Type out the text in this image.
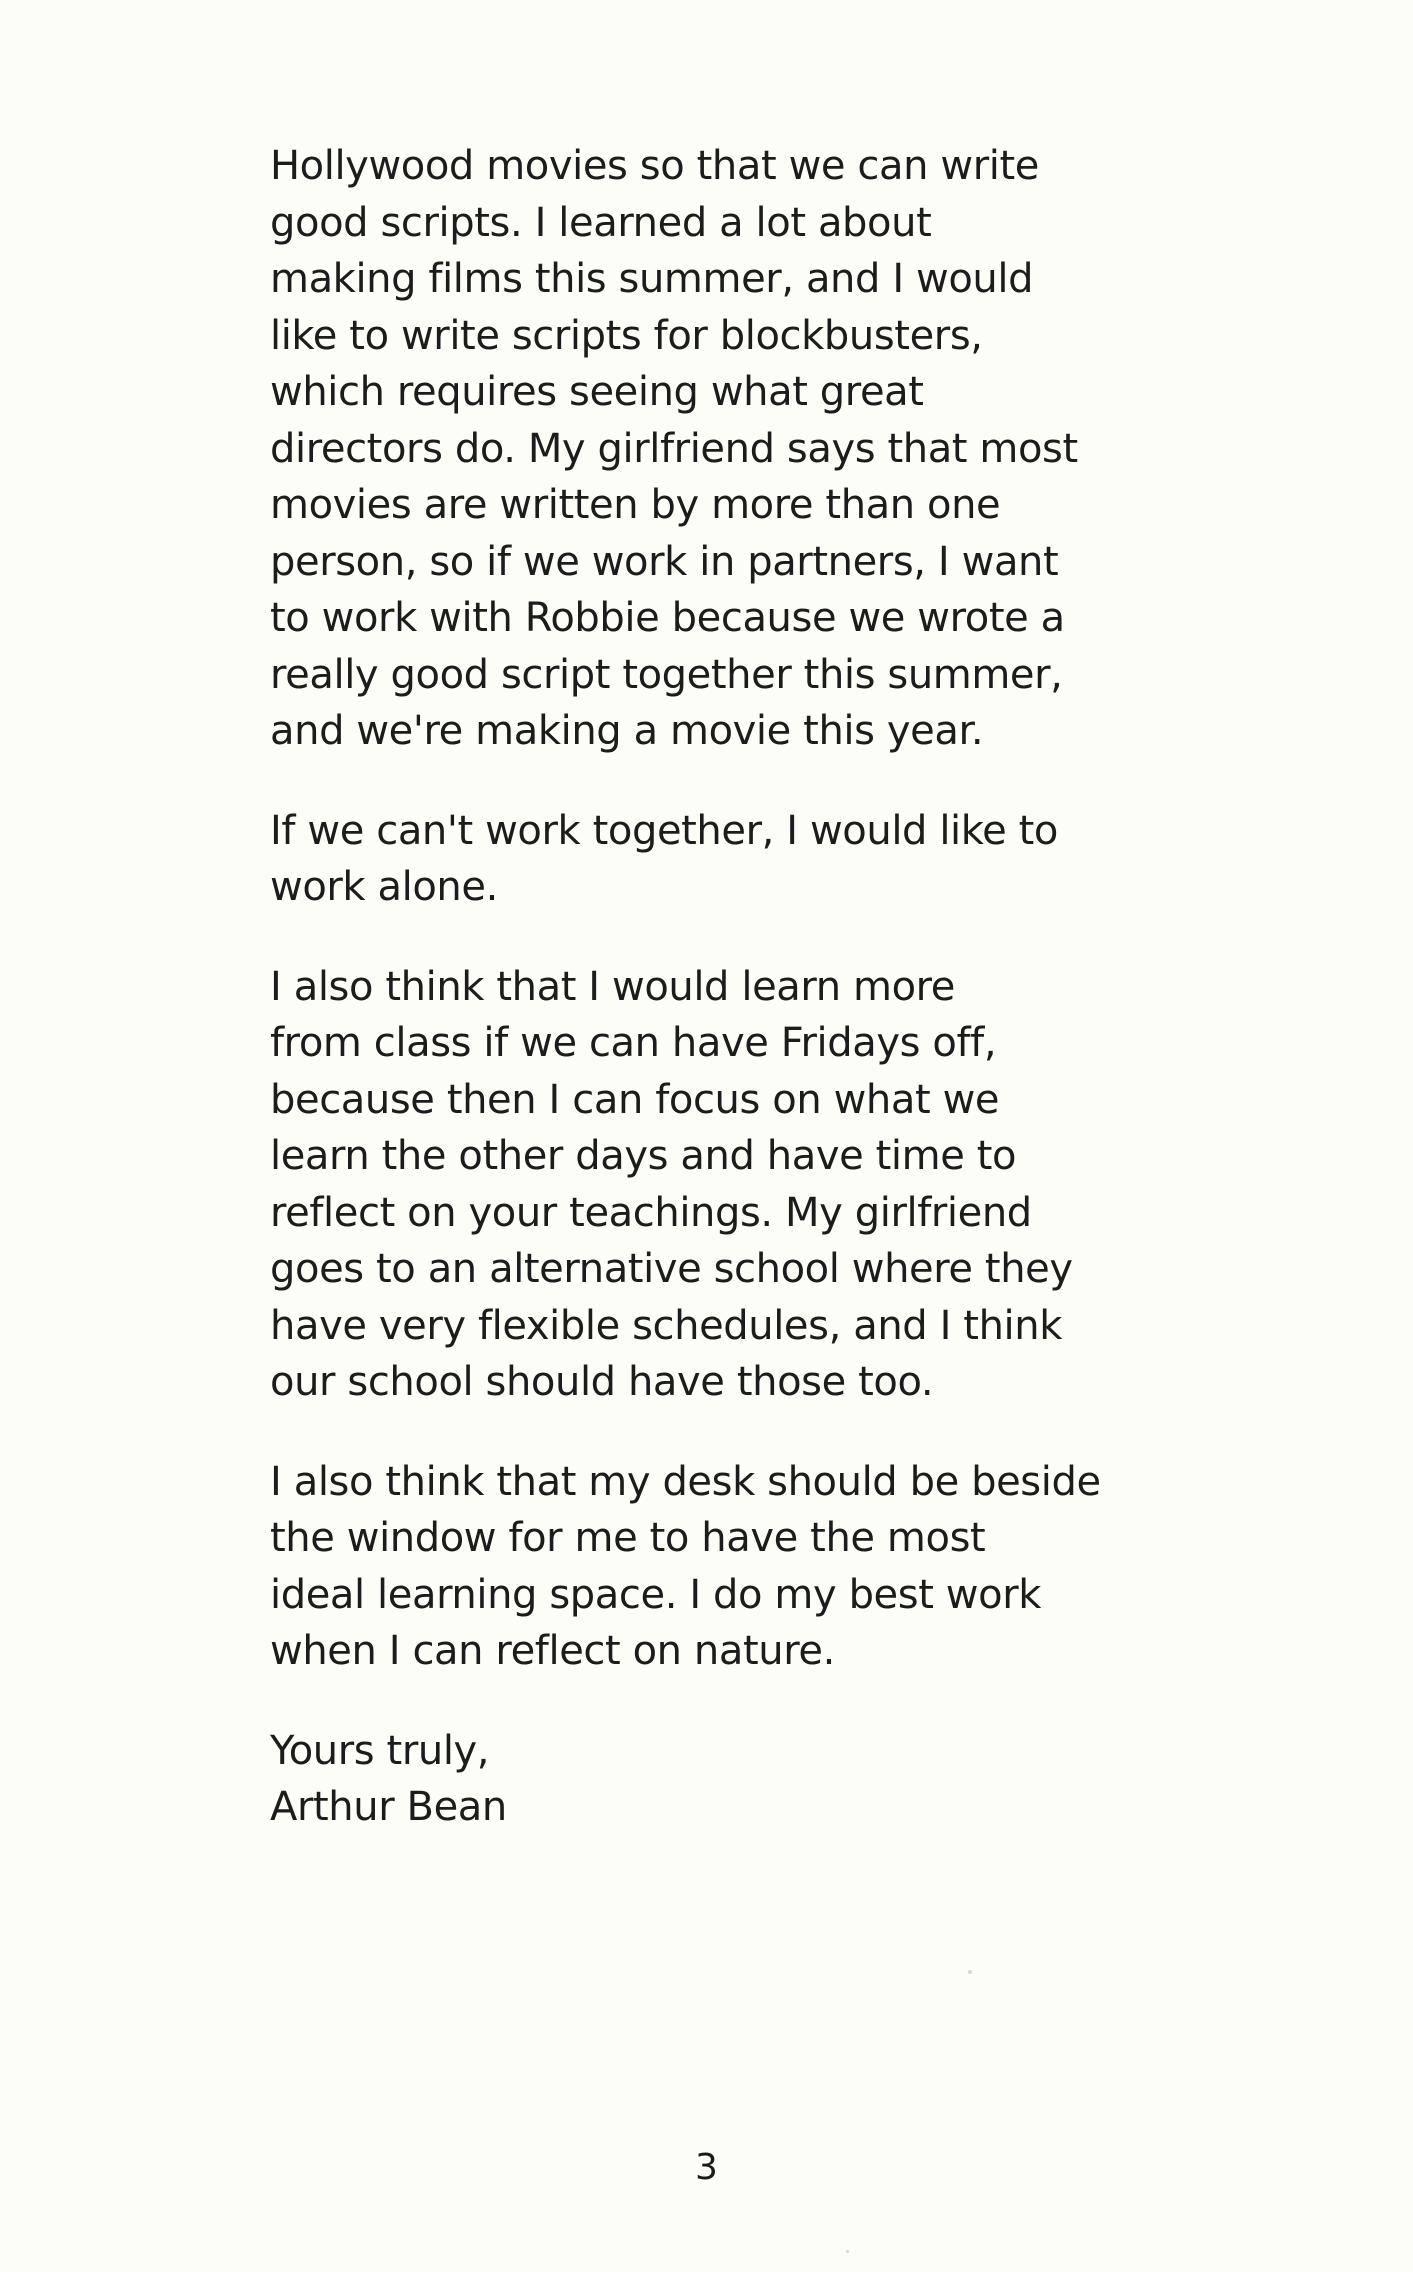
Hollywood movies so that we can write
good scripts. I learned a lot about
making films this summer, and I would
like to write scripts for blockbusters,
which requires seeing what great
directors do. My girlfriend says that most
movies are written by more than one
person, so if we work in partners, I want
to work with Robbie because we wrote a
really good script together this summer,
and we're making a movie this year.
If we can't work together, I would like to
work alone.
I also think that I would learn more
from class if we can have Fridays off,
because then I can focus on what we
learn the other days and have time to
reflect on your teachings. My girlfriend
goes to an alternative school where they
have very flexible schedules, and I think
our school should have those too.
I also think that my desk should be beside
the window for me to have the most
ideal learning space. I do my best work
when I can reflect on nature.
Yours truly,
Arthur Bean
3
